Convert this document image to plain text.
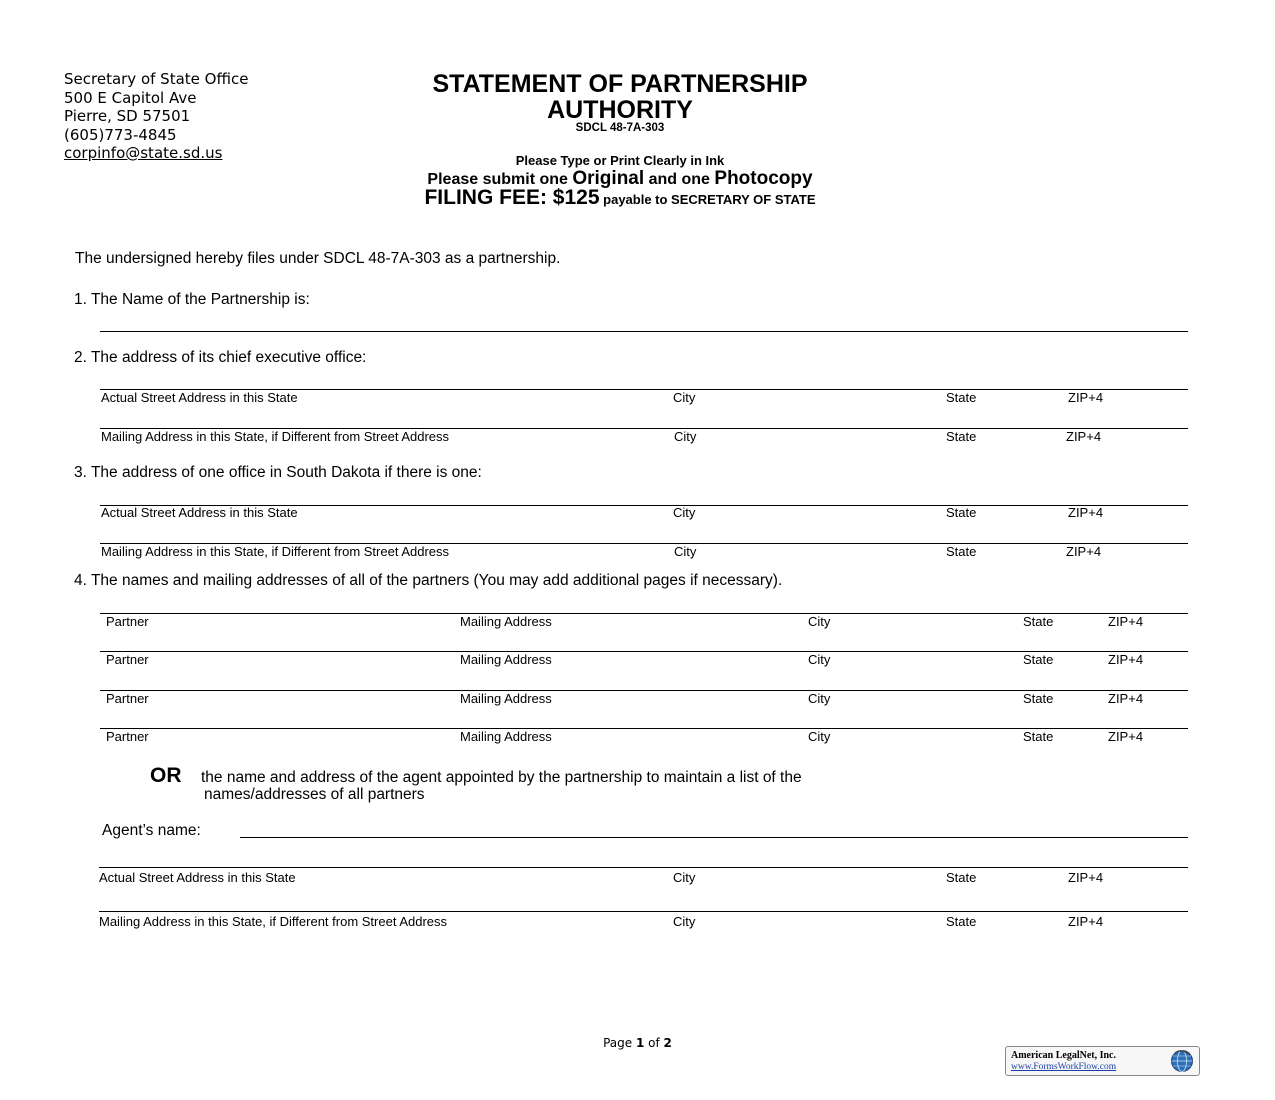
Secretary of State Office
500 E Capitol Ave
Pierre, SD 57501
(605)773-4845
corpinfo@state.sd.us
STATEMENT OF PARTNERSHIP
AUTHORITY
SDCL 48-7A-303
Please Type or Print Clearly in Ink
Please submit one Original and one Photocopy
FILING FEE: $125 payable to SECRETARY OF STATE
The undersigned hereby files under SDCL 48-7A-303 as a partnership.
1. The Name of the Partnership is:
2. The address of its chief executive office:
Actual Street Address in this State	City	State	ZIP+4
Mailing Address in this State, if Different from Street Address	City	State	ZIP+4
3. The address of one office in South Dakota if there is one:
Actual Street Address in this State	City	State	ZIP+4
Mailing Address in this State, if Different from Street Address	City	State	ZIP+4
4. The names and mailing addresses of all of the partners (You may add additional pages if necessary).
Partner	Mailing Address	City	State	ZIP+4
Partner	Mailing Address	City	State	ZIP+4
Partner	Mailing Address	City	State	ZIP+4
Partner	Mailing Address	City	State	ZIP+4
OR the name and address of the agent appointed by the partnership to maintain a list of the
names/addresses of all partners
Agent’s name:
Actual Street Address in this State	City	State	ZIP+4
Mailing Address in this State, if Different from Street Address	City	State	ZIP+4
Page 1 of 2
American LegalNet, Inc.
www.FormsWorkFlow.com
